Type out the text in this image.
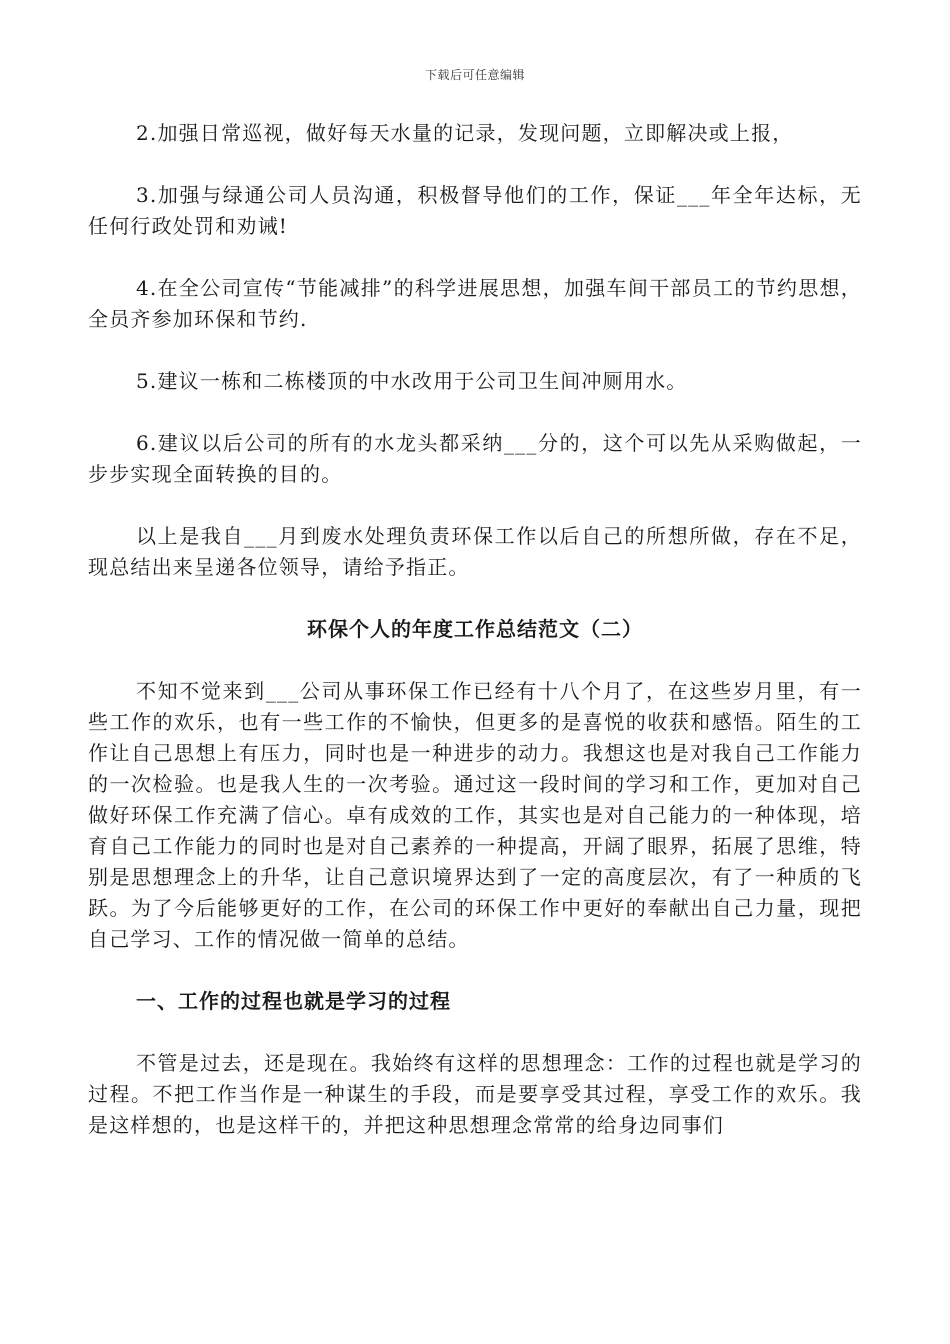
下载后可任意编辑

2.加强日常巡视，做好每天水量的记录，发现问题，立即解决或上报，

3.加强与绿通公司人员沟通，积极督导他们的工作，保证___年全年达标，无任何行政处罚和劝诫!

4.在全公司宣传“节能减排”的科学进展思想，加强车间干部员工的节约思想，全员齐参加环保和节约.

5.建议一栋和二栋楼顶的中水改用于公司卫生间冲厕用水。

6.建议以后公司的所有的水龙头都采纳___分的，这个可以先从采购做起，一步步实现全面转换的目的。

以上是我自___月到废水处理负责环保工作以后自己的所想所做，存在不足，现总结出来呈递各位领导，请给予指正。

环保个人的年度工作总结范文（二）

不知不觉来到___公司从事环保工作已经有十八个月了，在这些岁月里，有一些工作的欢乐，也有一些工作的不愉快，但更多的是喜悦的收获和感悟。陌生的工作让自己思想上有压力，同时也是一种进步的动力。我想这也是对我自己工作能力的一次检验。也是我人生的一次考验。通过这一段时间的学习和工作，更加对自己做好环保工作充满了信心。卓有成效的工作，其实也是对自己能力的一种体现，培育自己工作能力的同时也是对自己素养的一种提高，开阔了眼界，拓展了思维，特别是思想理念上的升华，让自己意识境界达到了一定的高度层次，有了一种质的飞跃。为了今后能够更好的工作，在公司的环保工作中更好的奉献出自己力量，现把自己学习、工作的情况做一简单的总结。

一、工作的过程也就是学习的过程

不管是过去，还是现在。我始终有这样的思想理念：工作的过程也就是学习的过程。不把工作当作是一种谋生的手段，而是要享受其过程，享受工作的欢乐。我是这样想的，也是这样干的，并把这种思想理念常常的给身边同事们
